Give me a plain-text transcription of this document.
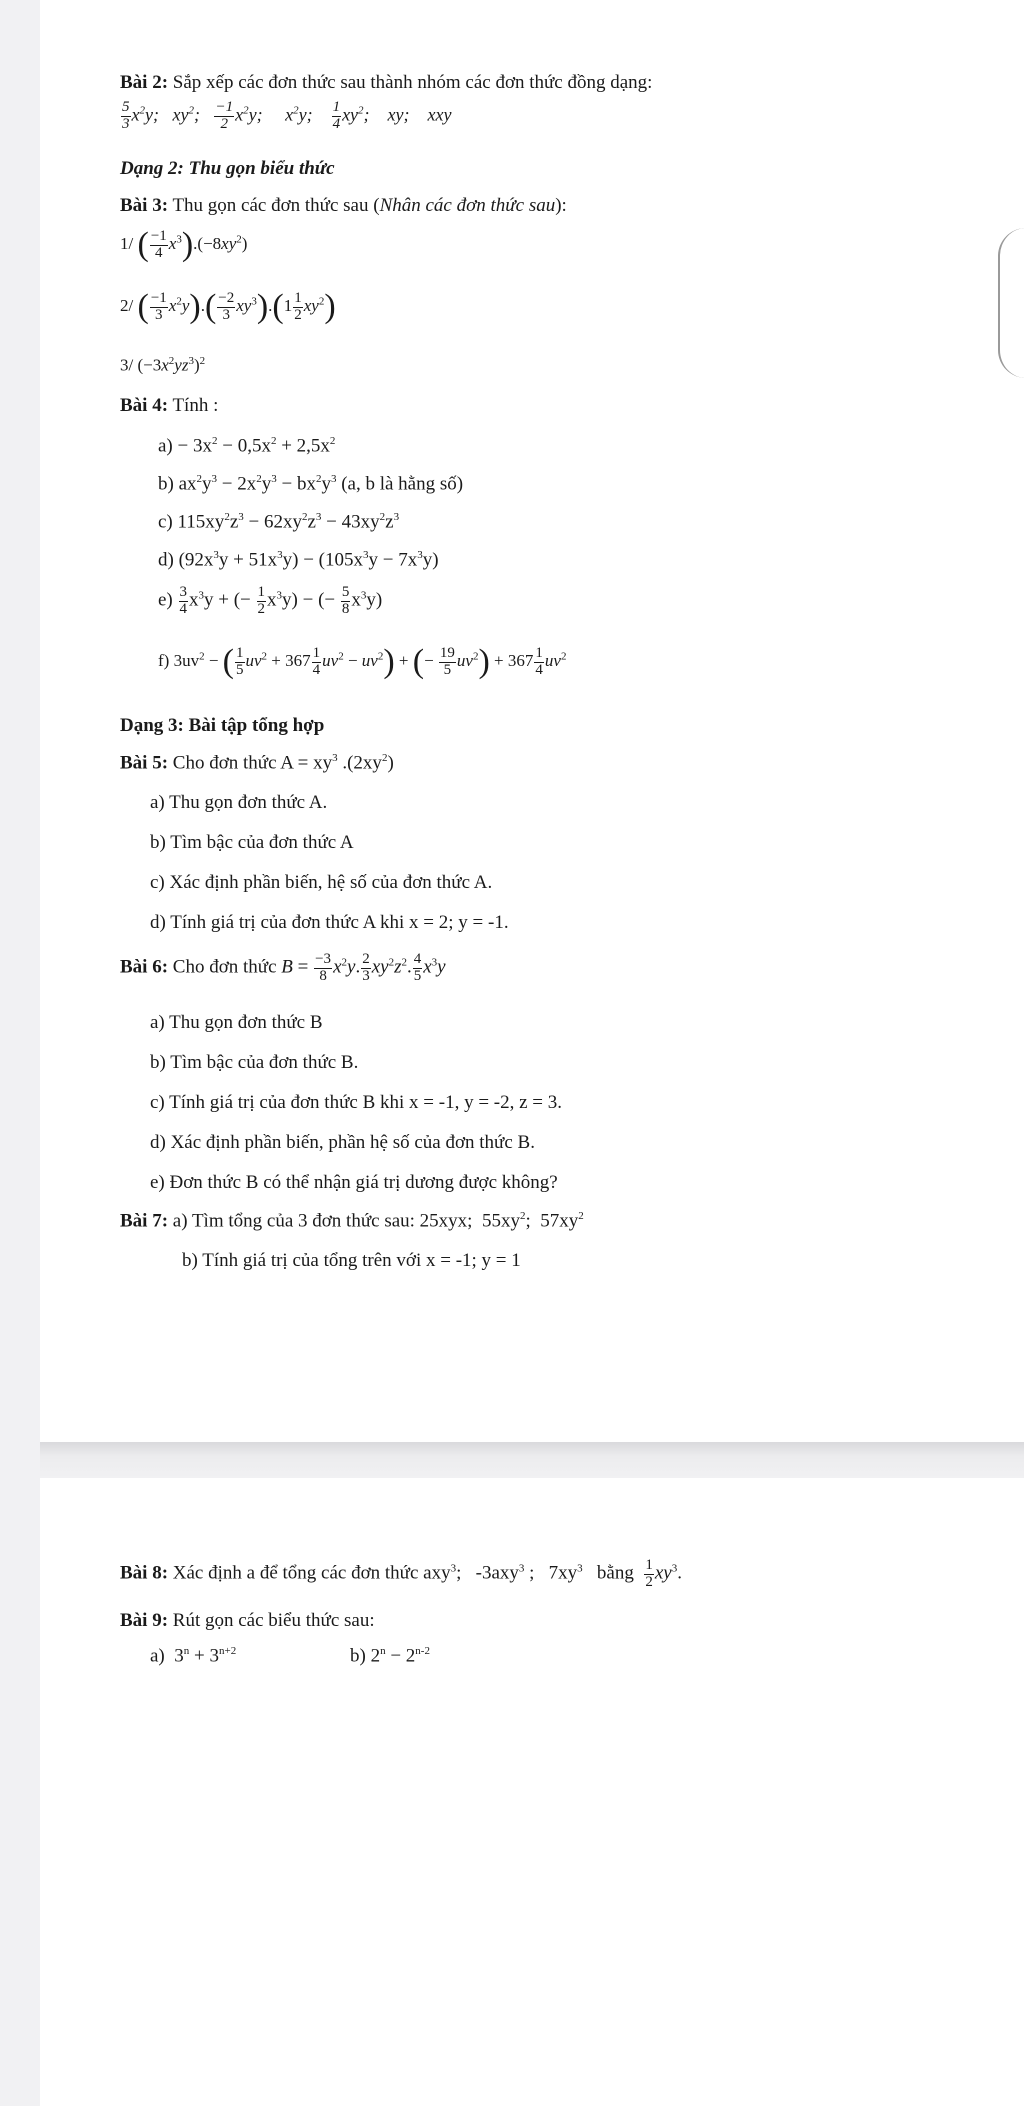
Bài 2: Sắp xếp các đơn thức sau thành nhóm các đơn thức đồng dạng:
$\frac{5}{3} x^2y$;   $xy^2$; $\frac{-1}{2} x^2y$;     $x^2y$; $\frac{1}{4} xy^2$;    xy;    xxy
Dạng 2: Thu gọn biểu thức
Bài 3: Thu gọn các đơn thức sau (Nhân các đơn thức sau):
1/ ( $\frac{-1}{4} x^3).(-8xy^2)$
2/ ( $\frac{-1}{3} x^2y).( \frac{-2}{3} xy^3).(1 \frac{1}{2} xy^2)$
3/ $(-3x^2yz^3)^2$
Bài 4: Tính :
$a) - 3x^2 - 0,5x^2 + 2,5x^2$
b) $ax^2y^3 - 2x^2y^3 - bx^2y^3$ (a, b là hằng số)
c) $115xy^2z^3 - 62xy^2z^3 - 43xy^2z^3$
d) $(92x^3y + 51x^3y) - (105x^3y - 7x^3y)$
$e) \frac{3}{4} x^3y$ + (− $\frac{1}{2} x^3y$) − (− $\frac{5}{8} x^3y$)
f) $3uv^2$ − ( $\frac{1}{5} uv^2 + 367 \frac{1}{4} uv^2 - uv^2$) + (− $\frac{19}{5} uv^2) + 367 \frac{1}{4} uv^2$
Dạng 3: Bài tập tổng hợp
Bài 5: Cho đơn thức $A = xy^3$ $.(2xy^2)$
a) Thu gọn đơn thức A.
b) Tìm bậc của đơn thức A
c) Xác định phần biến, hệ số của đơn thức A.
d) Tính giá trị của đơn thức A khi x = 2; y = -1.
Bài 6: Cho đơn thức $B = \frac{-3}{8} x^2y$. $\frac{2}{3} xy^2z^2$. $\frac{4}{5} x^3y$
a) Thu gọn đơn thức B
b) Tìm bậc của đơn thức B.
c) Tính giá trị của đơn thức B khi x = -1, y = -2, z = 3.
d) Xác định phần biến, phần hệ số của đơn thức B.
e) Đơn thức B có thể nhận giá trị dương được không?
Bài 7: a) Tìm tổng của 3 đơn thức sau: 25xyx;  $55xy^2$;  $57xy^2$
b) Tính giá trị của tổng trên với x = -1; y = 1
Bài 8: Xác định a để tổng các đơn thức axy$^3$;   -3axy$^3$ ;   $7xy^3$ bằng $\frac{1}{2} xy^3$.
Bài 9: Rút gọn các biểu thức sau:
a)  $3^n + 3^{n+2}$	b) $2^n - 2^{n-2}$
